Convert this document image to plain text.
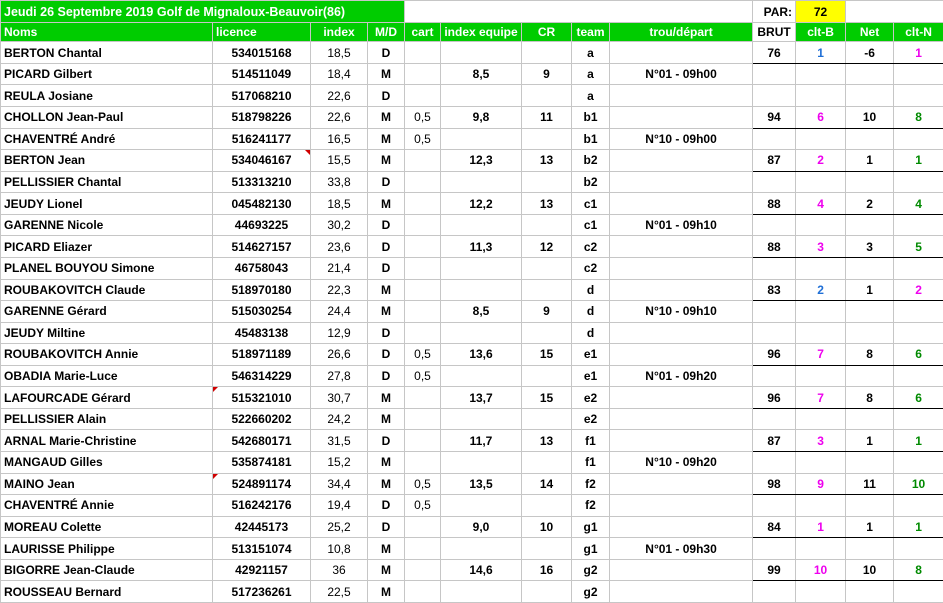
Jeudi 26 Septembre 2019 Golf de Mignaloux-Beauvoir(86)									PAR:	72		
Noms	licence	index	M/D	cart	index equipe	CR	team	trou/départ	BRUT	clt-B	Net	clt-N
BERTON Chantal	534015168	18,5	D				a		76	1	-6	1
PICARD Gilbert	514511049	18,4	M		8,5	9	a	N°01 - 09h00				
REULA Josiane	517068210	22,6	D				a					
CHOLLON Jean-Paul	518798226	22,6	M	0,5	9,8	11	b1		94	6	10	8
CHAVENTRÉ André	516241177	16,5	M	0,5			b1	N°10 - 09h00				
BERTON Jean	534046167	15,5	M		12,3	13	b2		87	2	1	1
PELLISSIER Chantal	513313210	33,8	D				b2					
JEUDY Lionel	045482130	18,5	M		12,2	13	c1		88	4	2	4
GARENNE Nicole	44693225	30,2	D				c1	N°01 - 09h10				
PICARD Eliazer	514627157	23,6	D		11,3	12	c2		88	3	3	5
PLANEL BOUYOU Simone	46758043	21,4	D				c2					
ROUBAKOVITCH Claude	518970180	22,3	M				d		83	2	1	2
GARENNE Gérard	515030254	24,4	M		8,5	9	d	N°10 - 09h10				
JEUDY Miltine	45483138	12,9	D				d					
ROUBAKOVITCH Annie	518971189	26,6	D	0,5	13,6	15	e1		96	7	8	6
OBADIA Marie-Luce	546314229	27,8	D	0,5			e1	N°01 - 09h20				
LAFOURCADE Gérard	515321010	30,7	M		13,7	15	e2		96	7	8	6
PELLISSIER Alain	522660202	24,2	M				e2					
ARNAL Marie-Christine	542680171	31,5	D		11,7	13	f1		87	3	1	1
MANGAUD Gilles	535874181	15,2	M				f1	N°10 - 09h20				
MAINO Jean	524891174	34,4	M	0,5	13,5	14	f2		98	9	11	10
CHAVENTRÉ Annie	516242176	19,4	D	0,5			f2					
MOREAU Colette	42445173	25,2	D		9,0	10	g1		84	1	1	1
LAURISSE Philippe	513151074	10,8	M				g1	N°01 - 09h30				
BIGORRE Jean-Claude	42921157	36	M		14,6	16	g2		99	10	10	8
ROUSSEAU Bernard	517236261	22,5	M				g2					
